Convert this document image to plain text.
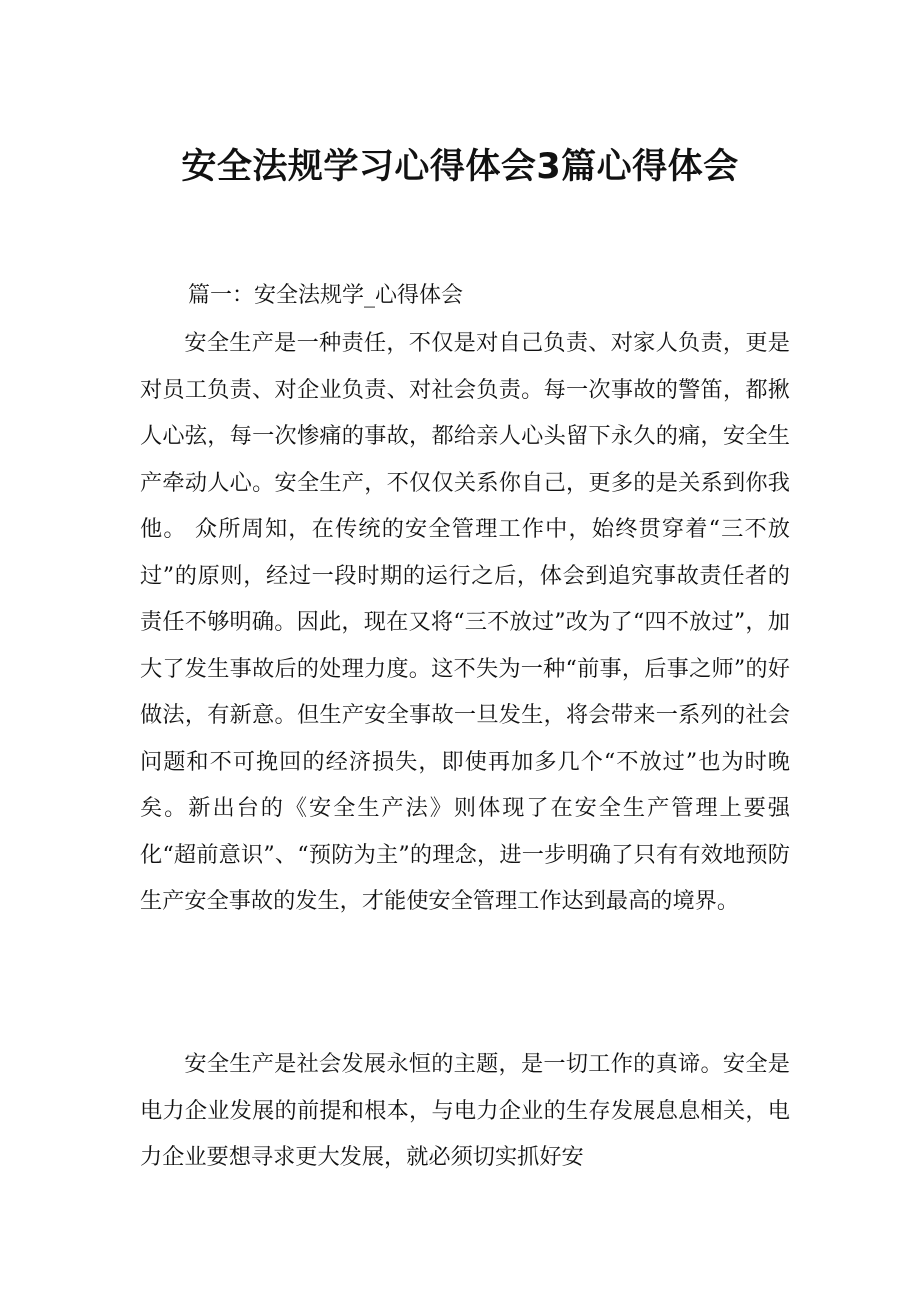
安全法规学习心得体会3篇心得体会

篇一：安全法规学_心得体会

安全生产是一种责任，不仅是对自己负责、对家人负责，更是对员工负责、对企业负责、对社会负责。每一次事故的警笛，都揪人心弦，每一次惨痛的事故，都给亲人心头留下永久的痛，安全生产牵动人心。安全生产，不仅仅关系你自己，更多的是关系到你我他。 众所周知，在传统的安全管理工作中，始终贯穿着“三不放过”的原则，经过一段时期的运行之后，体会到追究事故责任者的责任不够明确。因此，现在又将“三不放过”改为了“四不放过”，加大了发生事故后的处理力度。这不失为一种“前事，后事之师”的好做法，有新意。但生产安全事故一旦发生，将会带来一系列的社会问题和不可挽回的经济损失，即使再加多几个“不放过”也为时晚矣。新出台的《安全生产法》则体现了在安全生产管理上要强化“超前意识”、“预防为主”的理念，进一步明确了只有有效地预防生产安全事故的发生，才能使安全管理工作达到最高的境界。

安全生产是社会发展永恒的主题，是一切工作的真谛。安全是电力企业发展的前提和根本，与电力企业的生存发展息息相关，电力企业要想寻求更大发展，就必须切实抓好安
